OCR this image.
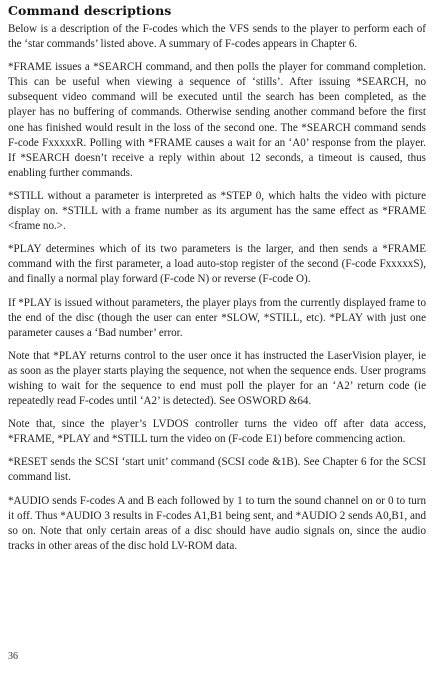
Command descriptions

Below is a description of the F-codes which the VFS sends to the player to perform each of the ‘star commands’ listed above. A summary of F-codes appears in Chapter 6.

*FRAME issues a *SEARCH command, and then polls the player for command completion. This can be useful when viewing a sequence of ‘stills’. After issuing *SEARCH, no subsequent video command will be executed until the search has been completed, as the player has no buffering of commands. Otherwise sending another command before the first one has finished would result in the loss of the second one. The *SEARCH command sends F-code FxxxxxR. Polling with *FRAME causes a wait for an ‘A0’ response from the player. If *SEARCH doesn’t receive a reply within about 12 seconds, a timeout is caused, thus enabling further commands.

*STILL without a parameter is interpreted as *STEP 0, which halts the video with picture display on. *STILL with a frame number as its argument has the same effect as *FRAME <frame no.>.

*PLAY determines which of its two parameters is the larger, and then sends a *FRAME command with the first parameter, a load auto-stop register of the second (F-code FxxxxxS), and finally a normal play forward (F-code N) or reverse (F-code O).

If *PLAY is issued without parameters, the player plays from the currently displayed frame to the end of the disc (though the user can enter *SLOW, *STILL, etc). *PLAY with just one parameter causes a ‘Bad number’ error.

Note that *PLAY returns control to the user once it has instructed the LaserVision player, ie as soon as the player starts playing the sequence, not when the sequence ends. User programs wishing to wait for the sequence to end must poll the player for an ‘A2’ return code (ie repeatedly read F-codes until ‘A2’ is detected). See OSWORD &64.

Note that, since the player’s LVDOS controller turns the video off after data access, *FRAME, *PLAY and *STILL turn the video on (F-code E1) before commencing action.

*RESET sends the SCSI ‘start unit’ command (SCSI code &1B). See Chapter 6 for the SCSI command list.

*AUDIO sends F-codes A and B each followed by 1 to turn the sound channel on or 0 to turn it off. Thus *AUDIO 3 results in F-codes A1,B1 being sent, and *AUDIO 2 sends A0,B1, and so on. Note that only certain areas of a disc should have audio signals on, since the audio tracks in other areas of the disc hold LV-ROM data.

36
